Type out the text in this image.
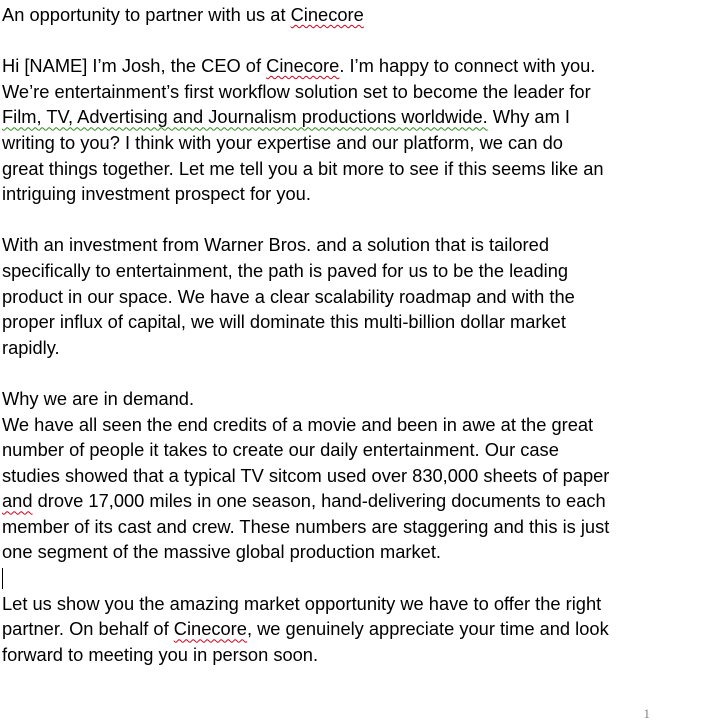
An opportunity to partner with us at Cinecore
Hi [NAME] I’m Josh, the CEO of Cinecore. I’m happy to connect with you.
We’re entertainment’s first workflow solution set to become the leader for
Film, TV, Advertising and Journalism productions worldwide. Why am I
writing to you? I think with your expertise and our platform, we can do
great things together. Let me tell you a bit more to see if this seems like an
intriguing investment prospect for you.
With an investment from Warner Bros. and a solution that is tailored
specifically to entertainment, the path is paved for us to be the leading
product in our space. We have a clear scalability roadmap and with the
proper influx of capital, we will dominate this multi-billion dollar market
rapidly.
Why we are in demand.
We have all seen the end credits of a movie and been in awe at the great
number of people it takes to create our daily entertainment. Our case
studies showed that a typical TV sitcom used over 830,000 sheets of paper
and drove 17,000 miles in one season, hand-delivering documents to each
member of its cast and crew. These numbers are staggering and this is just
one segment of the massive global production market.
Let us show you the amazing market opportunity we have to offer the right
partner. On behalf of Cinecore, we genuinely appreciate your time and look
forward to meeting you in person soon.
1
